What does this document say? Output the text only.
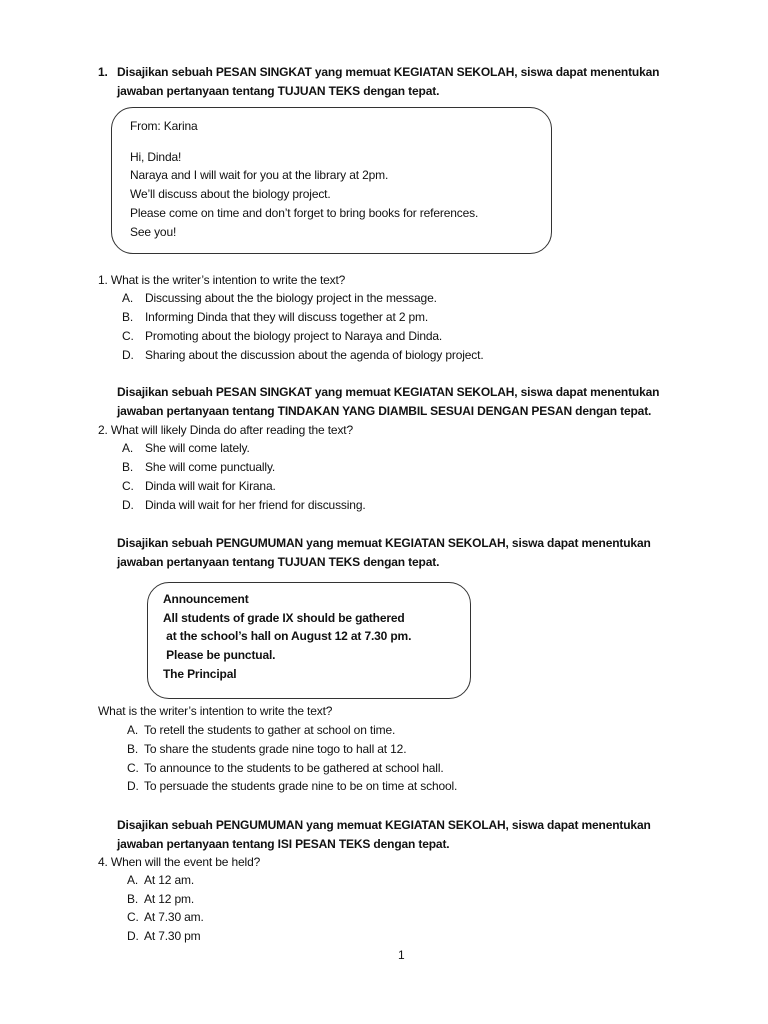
1. Disajikan sebuah PESAN SINGKAT yang memuat KEGIATAN SEKOLAH, siswa dapat menentukan
jawaban pertanyaan tentang TUJUAN TEKS dengan tepat.
From: Karina
Hi, Dinda!
Naraya and I will wait for you at the library at 2pm.
We’ll discuss about the biology project.
Please come on time and don’t forget to bring books for references.
See you!
1. What is the writer’s intention to write the text?
A. Discussing about the the biology project in the message.
B. Informing Dinda that they will discuss together at 2 pm.
C. Promoting about the biology project to Naraya and Dinda.
D. Sharing about the discussion about the agenda of biology project.
Disajikan sebuah PESAN SINGKAT yang memuat KEGIATAN SEKOLAH, siswa dapat menentukan
jawaban pertanyaan tentang TINDAKAN YANG DIAMBIL SESUAI DENGAN PESAN dengan tepat.
2. What will likely Dinda do after reading the text?
A. She will come lately.
B. She will come punctually.
C. Dinda will wait for Kirana.
D. Dinda will wait for her friend for discussing.
Disajikan sebuah PENGUMUMAN yang memuat KEGIATAN SEKOLAH, siswa dapat menentukan
jawaban pertanyaan tentang TUJUAN TEKS dengan tepat.
Announcement
All students of grade IX should be gathered
at the school’s hall on August 12 at 7.30 pm.
Please be punctual.
The Principal
What is the writer’s intention to write the text?
A. To retell the students to gather at school on time.
B. To share the students grade nine togo to hall at 12.
C. To announce to the students to be gathered at school hall.
D. To persuade the students grade nine to be on time at school.
Disajikan sebuah PENGUMUMAN yang memuat KEGIATAN SEKOLAH, siswa dapat menentukan
jawaban pertanyaan tentang ISI PESAN TEKS dengan tepat.
4. When will the event be held?
A. At 12 am.
B. At 12 pm.
C. At 7.30 am.
D. At 7.30 pm
1
